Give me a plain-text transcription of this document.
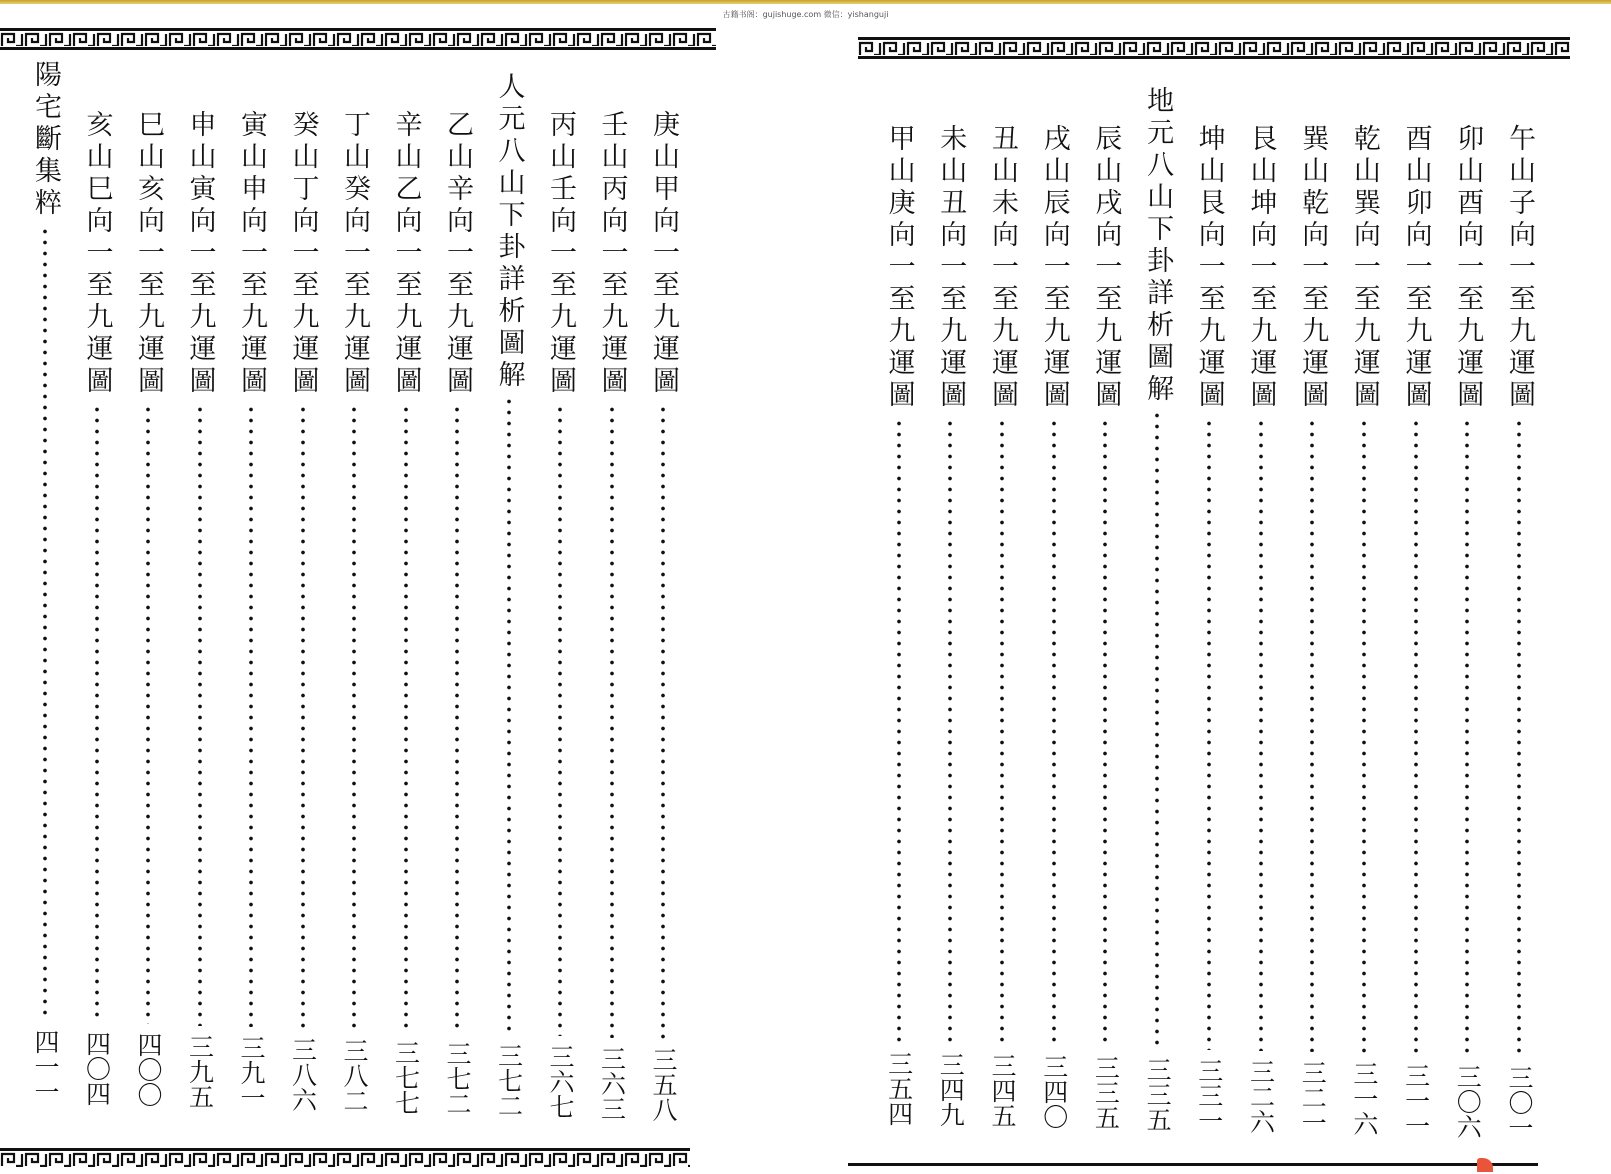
古籍书阁：gujishuge.com 微信：yishanguji
庚山甲向一至九運圖
三五八
壬山丙向一至九運圖
三六三
丙山壬向一至九運圖
三六七
人元八山下卦詳析圖解
三七二
乙山辛向一至九運圖
三七二
辛山乙向一至九運圖
三七七
丁山癸向一至九運圖
三八二
癸山丁向一至九運圖
三八六
寅山申向一至九運圖
三九一
申山寅向一至九運圖
三九五
巳山亥向一至九運圖
四〇〇
亥山巳向一至九運圖
四〇四
陽宅斷集粹
四一一
午山子向一至九運圖
三〇一
卯山酉向一至九運圖
三〇六
酉山卯向一至九運圖
三一一
乾山巽向一至九運圖
三一六
巽山乾向一至九運圖
三二一
艮山坤向一至九運圖
三二六
坤山艮向一至九運圖
三三一
地元八山下卦詳析圖解
三三五
辰山戌向一至九運圖
三三五
戌山辰向一至九運圖
三四〇
丑山未向一至九運圖
三四五
未山丑向一至九運圖
三四九
甲山庚向一至九運圖
三五四
